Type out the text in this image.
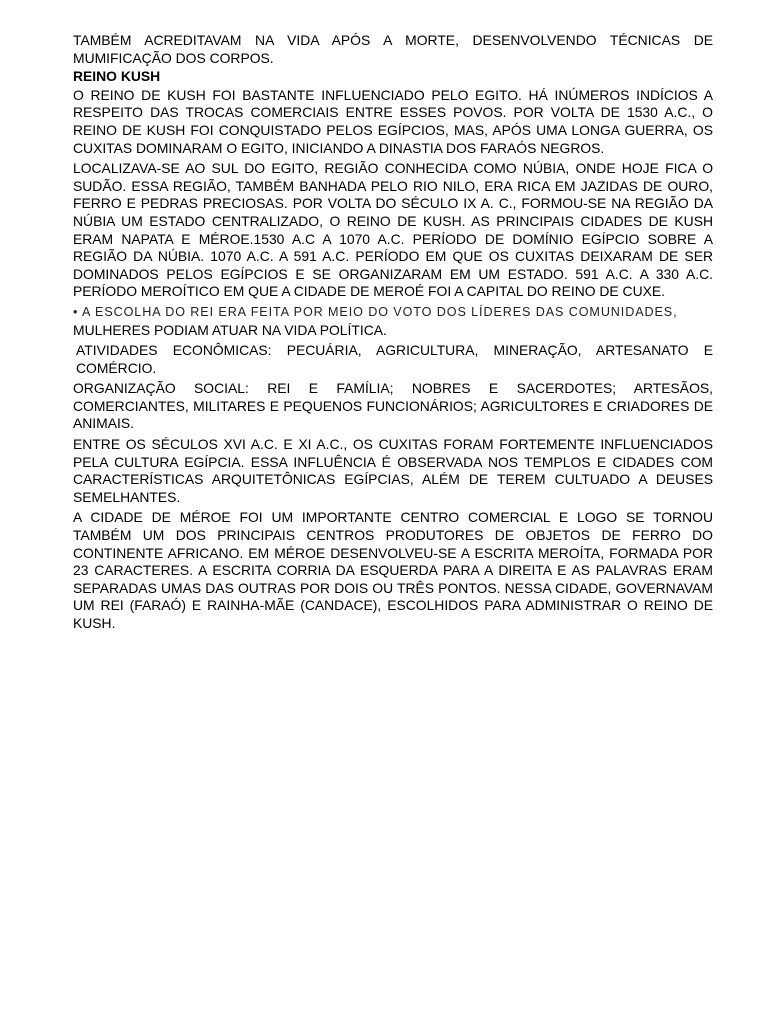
TAMBÉM ACREDITAVAM NA VIDA APÓS A MORTE, DESENVOLVENDO TÉCNICAS DE MUMIFICAÇÃO DOS CORPOS.

REINO KUSH

O REINO DE KUSH FOI BASTANTE INFLUENCIADO PELO EGITO. HÁ INÚMEROS INDÍCIOS A RESPEITO DAS TROCAS COMERCIAIS ENTRE ESSES POVOS. POR VOLTA DE 1530 A.C., O REINO DE KUSH FOI CONQUISTADO PELOS EGÍPCIOS, MAS, APÓS UMA LONGA GUERRA, OS CUXITAS DOMINARAM O EGITO, INICIANDO A DINASTIA DOS FARAÓS NEGROS.

LOCALIZAVA-SE AO SUL DO EGITO, REGIÃO CONHECIDA COMO NÚBIA, ONDE HOJE FICA O SUDÃO. ESSA REGIÃO, TAMBÉM BANHADA PELO RIO NILO, ERA RICA EM JAZIDAS DE OURO, FERRO E PEDRAS PRECIOSAS. POR VOLTA DO SÉCULO IX A. C., FORMOU-SE NA REGIÃO DA NÚBIA UM ESTADO CENTRALIZADO, O REINO DE KUSH. AS PRINCIPAIS CIDADES DE KUSH ERAM NAPATA E MÉROE.1530 A.C A 1070 A.C. PERÍODO DE DOMÍNIO EGÍPCIO SOBRE A REGIÃO DA NÚBIA. 1070 A.C. A 591 A.C. PERÍODO EM QUE OS CUXITAS DEIXARAM DE SER DOMINADOS PELOS EGÍPCIOS E SE ORGANIZARAM EM UM ESTADO. 591 A.C. A 330 A.C. PERÍODO MEROÍTICO EM QUE A CIDADE DE MEROÉ FOI A CAPITAL DO REINO DE CUXE.

• A ESCOLHA DO REI ERA FEITA POR MEIO DO VOTO DOS LÍDERES DAS COMUNIDADES,

MULHERES PODIAM ATUAR NA VIDA POLÍTICA.

ATIVIDADES ECONÔMICAS: PECUÁRIA, AGRICULTURA, MINERAÇÃO, ARTESANATO E COMÉRCIO.

ORGANIZAÇÃO SOCIAL: REI E FAMÍLIA; NOBRES E SACERDOTES; ARTESÃOS, COMERCIANTES, MILITARES E PEQUENOS FUNCIONÁRIOS; AGRICULTORES E CRIADORES DE ANIMAIS.

ENTRE OS SÉCULOS XVI A.C. E XI A.C., OS CUXITAS FORAM FORTEMENTE INFLUENCIADOS PELA CULTURA EGÍPCIA. ESSA INFLUÊNCIA É OBSERVADA NOS TEMPLOS E CIDADES COM CARACTERÍSTICAS ARQUITETÔNICAS EGÍPCIAS, ALÉM DE TEREM CULTUADO A DEUSES SEMELHANTES.

A CIDADE DE MÉROE FOI UM IMPORTANTE CENTRO COMERCIAL E LOGO SE TORNOU TAMBÉM UM DOS PRINCIPAIS CENTROS PRODUTORES DE OBJETOS DE FERRO DO CONTINENTE AFRICANO. EM MÉROE DESENVOLVEU-SE A ESCRITA MEROÍTA, FORMADA POR 23 CARACTERES. A ESCRITA CORRIA DA ESQUERDA PARA A DIREITA E AS PALAVRAS ERAM SEPARADAS UMAS DAS OUTRAS POR DOIS OU TRÊS PONTOS. NESSA CIDADE, GOVERNAVAM UM REI (FARAÓ) E RAINHA-MÃE (CANDACE), ESCOLHIDOS PARA ADMINISTRAR O REINO DE KUSH.
